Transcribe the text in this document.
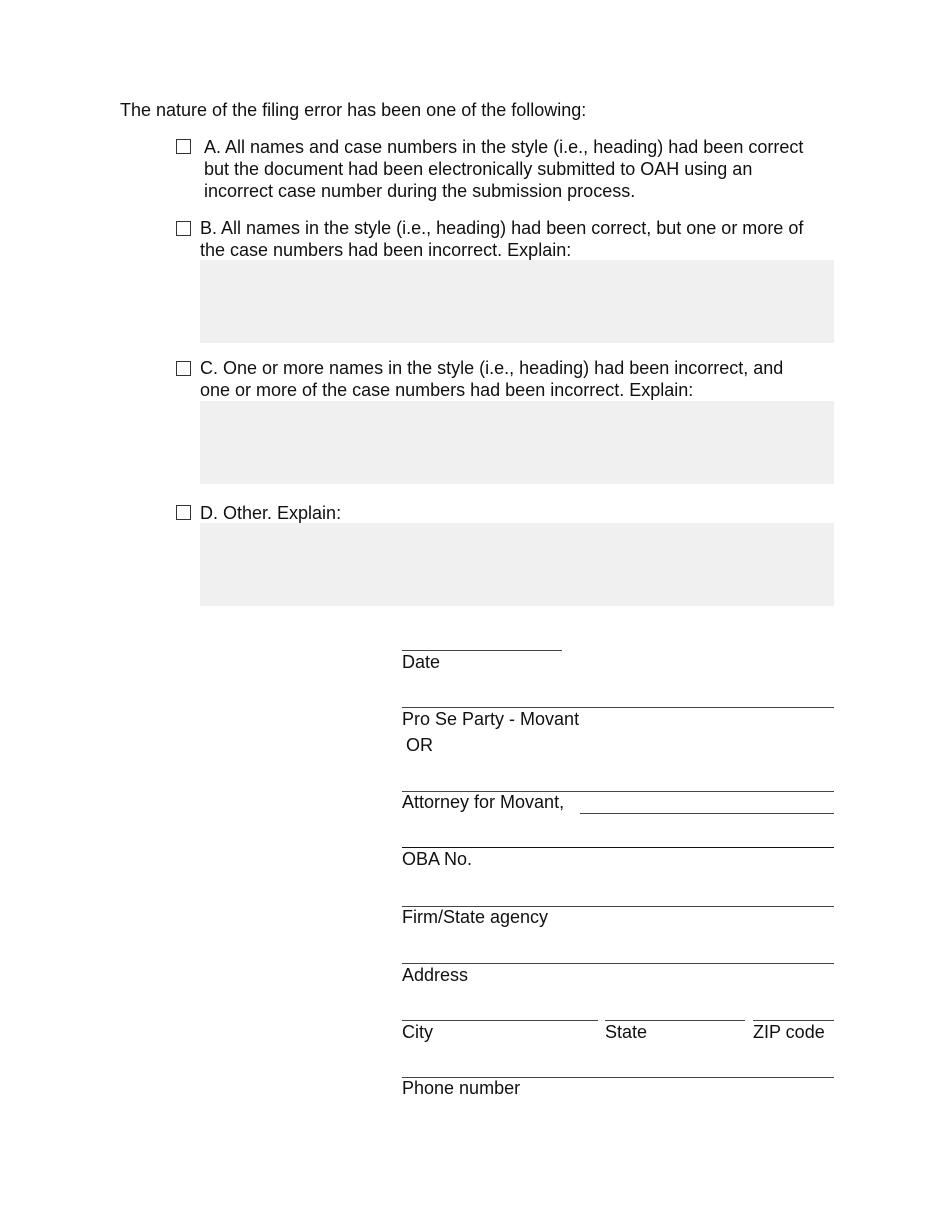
The nature of the filing error has been one of the following:
A. All names and case numbers in the style (i.e., heading) had been correct
but the document had been electronically submitted to OAH using an
incorrect case number during the submission process.
B. All names in the style (i.e., heading) had been correct, but one or more of
the case numbers had been incorrect. Explain:
C. One or more names in the style (i.e., heading) had been incorrect, and
one or more of the case numbers had been incorrect. Explain:
D. Other. Explain:
Date
Pro Se Party - Movant
OR
Attorney for Movant,
OBA No.
Firm/State agency
Address
City	State	ZIP code
Phone number
